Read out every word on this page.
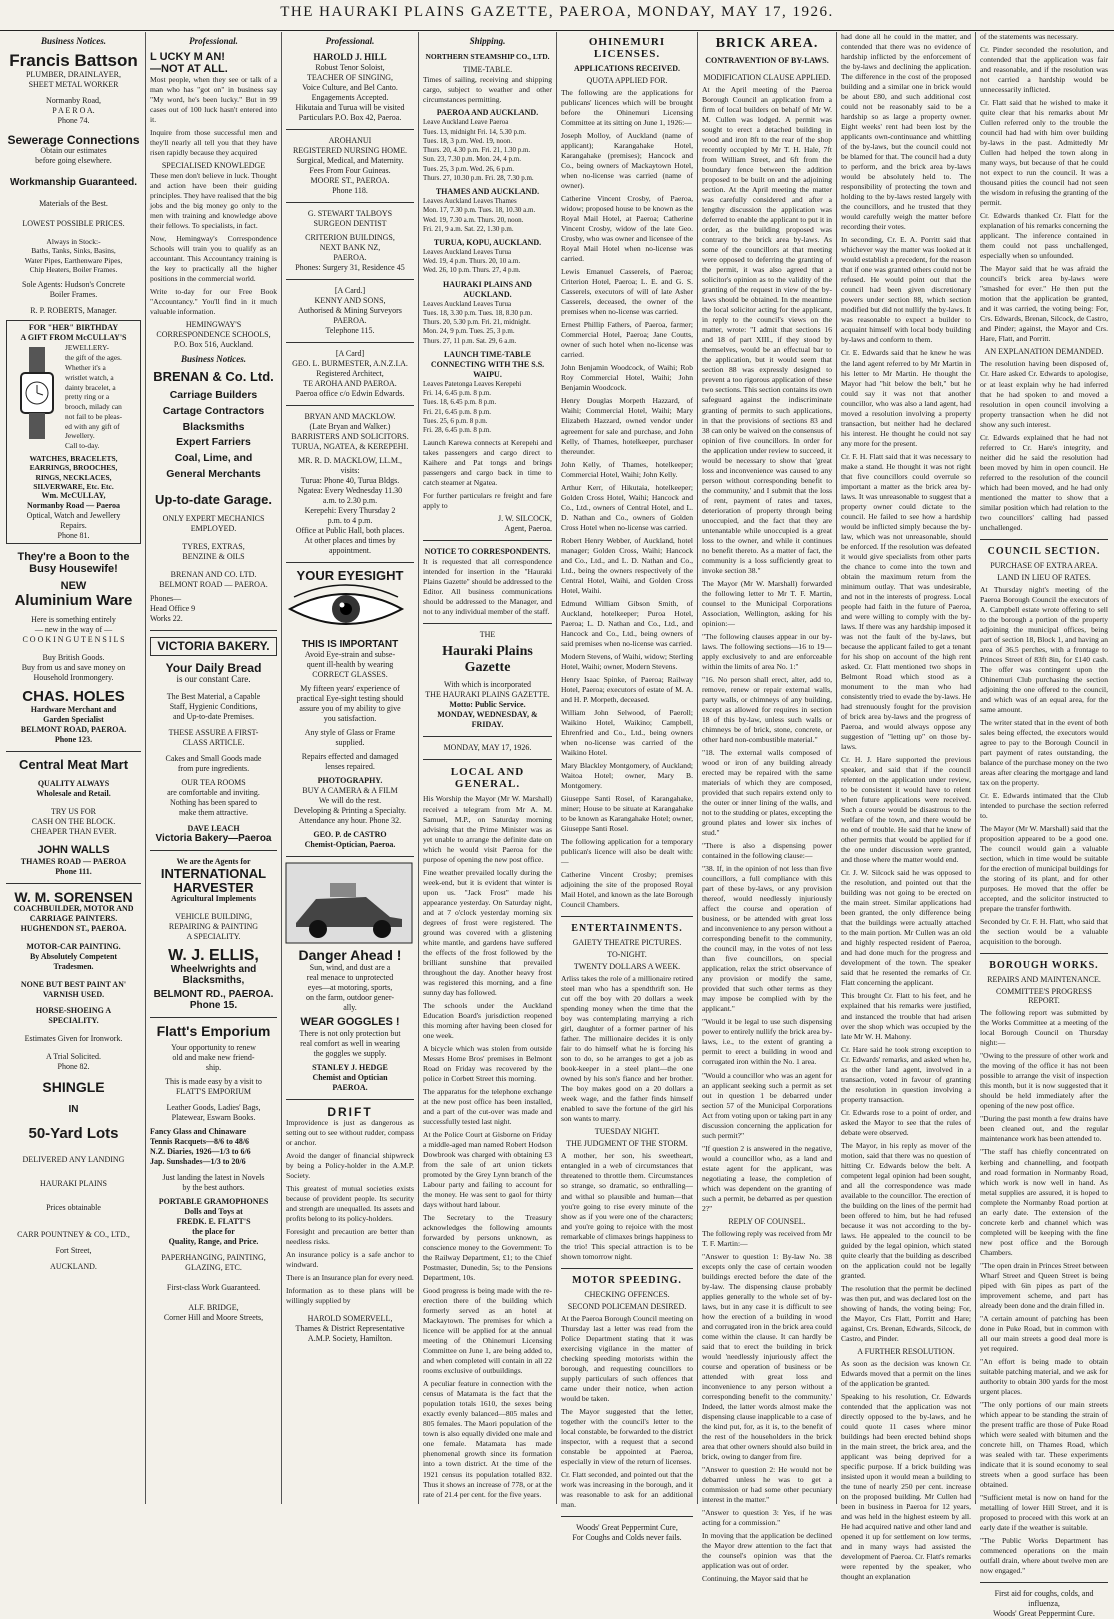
THE HAURAKI PLAINS GAZETTE, PAEROA, MONDAY, MAY 17, 1926.
Business Notices.
Francis Battson
PLUMBER, DRAINLAYER,
SHEET METAL WORKER
Normanby Road,
P A E R O A.
Phone 74.
Sewerage Connections
Obtain our estimates
before going elsewhere.
Workmanship Guaranteed.
Materials of the Best.
LOWEST POSSIBLE PRICES.
Always in Stock:-
Baths, Tanks, Sinks, Basins,
Water Pipes, Earthenware Pipes,
Chip Heaters, Boiler Frames.
Sole Agents: Hudson's Concrete
Boiler Frames.
R. P. ROBERTS, Manager.
FOR "HER" BIRTHDAY
A GIFT FROM McCULLAY'S
JEWELLERY-
the gift of the ages.
Whether it's a
wristlet watch, a
dainty bracelet, a
pretty ring or a
brooch, milady can
not fail to be pleas-
ed with any gift of
Jewellery.
Call to-day.
WATCHES, BRACELETS,
EARRINGS, BROOCHES,
RINGS, NECKLACES,
SILVERWARE, Etc. Etc.
Wm. McCULLAY,
Normanby Road — Paeroa
Optical, Watch and Jewellery
Repairs.
Phone 81.
They're a Boon to the
Busy Housewife!
NEW
Aluminium Ware
Here is something entirely
— new in the way of —
C O O K I N G U T E N S I L S
Buy British Goods.
Buy from us and save money on
Household Ironmongery.
CHAS. HOLES
Hardware Merchant and
Garden Specialist
BELMONT ROAD, PAEROA.
Phone 123.
Central Meat Mart
QUALITY ALWAYS
Wholesale and Retail.
TRY US FOR
CASH ON THE BLOCK.
CHEAPER THAN EVER.
JOHN WALLS
THAMES ROAD — PAEROA
Phone 111.
W. M. SORENSEN
COACHBUILDER, MOTOR AND
CARRIAGE PAINTERS.
HUGHENDON ST., PAEROA.
MOTOR-CAR PAINTING.
By Absolutely Competent
Tradesmen.
NONE BUT BEST PAINT AN'
VARNISH USED.
HORSE-SHOEING A
SPECIALITY.
Estimates Given for Ironwork.
A Trial Solicited.
Phone 82.
SHINGLE
IN
50-Yard Lots
DELIVERED ANY LANDING
HAURAKI PLAINS
Prices obtainable
CARR POUNTNEY & CO., LTD.,
Fort Street,
AUCKLAND.
Professional.
L UCKY M AN!
—NOT AT ALL.

Most people, when they see or talk of a man who has "got on" in business say "My word, he's been lucky." But in 99 cases out of 100 luck hasn't entered into it.

Inquire from those successful men and they'll nearly all tell you that they have risen rapidly because they acquired

SPECIALISED KNOWLEDGE

These men don't believe in luck. Thought and action have been their guiding principles. They have realised that the big jobs and the big money go only to the men with training and knowledge above their fellows. To specialists, in fact.

Now, Hemingway's Correspondence Schools will train you to qualify as an accountant. This Accountancy training is the key to practically all the higher positions in the commercial world.

Write to-day for our Free Book "Accountancy." You'll find in it much valuable information.

HEMINGWAY'S
CORRESPONDENCE SCHOOLS,
P.O. Box 516, Auckland.
Business Notices.
BRENAN & Co. Ltd.
Carriage Builders
Cartage Contractors
Blacksmiths
Expert Farriers
Coal, Lime, and
General Merchants
Up-to-date Garage.
ONLY EXPERT MECHANICS
EMPLOYED.
TYRES, EXTRAS,
BENZINE & OILS
BRENAN AND CO. LTD.
BELMONT ROAD — PAEROA.
Phones—
Head Office 9
Works 22.
VICTORIA BAKERY.
Your Daily Bread
is our constant Care.
The Best Material, a Capable
Staff, Hygienic Conditions,
and Up-to-date Premises.
THESE ASSURE A FIRST-
CLASS ARTICLE.
Cakes and Small Goods made
from pure ingredients.
OUR TEA ROOMS
are comfortable and inviting.
Nothing has been spared to
make them attractive.
DAVE LEACH
Victoria Bakery—Paeroa
We are the Agents for
INTERNATIONAL
HARVESTER
Agricultural Implements
VEHICLE BUILDING,
REPAIRING & PAINTING
A SPECIALITY.
W. J. ELLIS,
Wheelwrights and
Blacksmiths,
BELMONT RD., PAEROA.
Phone 15.
Flatt's Emporium
Your opportunity to renew
old and make new friend-
ship.
This is made easy by a visit to
FLATT'S EMPORIUM
Leather Goods, Ladies' Bags,
Platewear, Eswarn Books.
Fancy Glass and Chinaware
Tennis Racquets—8/6 to 48/6
N.Z. Diaries, 1926—1/3 to 6/6
Jap. Sunshades—1/3 to 20/6
Just landing the latest in Novels
by the best authors.
PORTABLE GRAMOPHONES
Dolls and Toys at
FREDK. E. FLATT'S
the place for
Quality, Range, and Price.
PAPERHANGING, PAINTING,
GLAZING, ETC.
First-class Work Guaranteed.
ALF. BRIDGE,
Corner Hill and Moore Streets,
Professional.
HAROLD J. HILL
Robust Tenor Soloist,
TEACHER OF SINGING,
Voice Culture, and Bel Canto.
Engagements Accepted.
Hikutaia and Turua will be visited
Particulars P.O. Box 42, Paeroa.
AROHANUI
REGISTERED NURSING HOME.
Surgical, Medical, and Maternity.
Fees From Four Guineas.
MOORE ST., PAEROA.
Phone 118.
G. STEWART TALBOYS
SURGEON DENTIST
CRITERION BUILDINGS,
NEXT BANK NZ,
PAEROA.
Phones: Surgery 31, Residence 45
[A Card.]
KENNY AND SONS,
Authorised & Mining Surveyors
PAEROA.
Telephone 115.
[A Card]
GEO. L. BURMESTER, A.N.Z.I.A.
Registered Architect,
TE AROHA AND PAEROA.
Paeroa office c/o Edwin Edwards.
BRYAN AND MACKLOW.
(Late Bryan and Walker.)
BARRISTERS AND SOLICITORS.
TURUA, NGATEA, & KEREPEHI.
MR. R. D. MACKLOW, LL.M.,
visits:
Turua: Phone 40, Turua Bldgs.
Ngatea: Every Wednesday 11.30
a.m. to 2.30 p.m.
Kerepehi: Every Thursday 2
p.m. to 4 p.m.
Office at Public Hall, both places.
At other places and times by
appointment.
YOUR EYESIGHT
THIS IS IMPORTANT
Avoid Eye-strain and subse-
quent ill-health by wearing
CORRECT GLASSES.
My fifteen years' experience of
practical Eye-sight testing should
assure you of my ability to give
you satisfaction.
Any style of Glass or Frame
supplied.
Repairs effected and damaged
lenses repaired.
PHOTOGRAPHY.
BUY A CAMERA & A FILM
We will do the rest.
Developing & Printing a Specialty.
Attendance any hour. Phone 32.
GEO. P. de CASTRO
Chemist-Optician, Paeroa.
Danger Ahead !
Sun, wind, and dust are a
real menace to unprotected
eyes—at motoring, sports,
on the farm, outdoor gener-
ally.
WEAR GOGGLES !
There is not only protection but
real comfort as well in wearing
the goggles we supply.
STANLEY J. HEDGE
Chemist and Optician
PAEROA.
DRIFT

Improvidence is just as dangerous as setting out to see without rudder, compass or anchor.

Avoid the danger of financial shipwreck by being a Policy-holder in the A.M.P. Society.

This greatest of mutual societies exists because of provident people. Its security and strength are unequalled. Its assets and profits belong to its policy-holders.

Foresight and precaution are better than needless risks.

An insurance policy is a safe anchor to windward.

There is an Insurance plan for every need.

Information as to these plans will be willingly supplied by

HAROLD SOMERVELL,
Thames & District Representative
A.M.P. Society, Hamilton.
Shipping.
NORTHERN STEAMSHIP CO., LTD.
TIME-TABLE.

Times of sailing, receiving and shipping cargo, subject to weather and other circumstances permitting.

PAEROA AND AUCKLAND.
Leave Auckland Leave Paeroa
Tues. 13, midnight Fri. 14, 5.30 p.m.
Tues. 18, 3 p.m. Wed. 19, noon.
Thurs. 20, 4.30 p.m. Fri. 21, 1.30 p.m.
Sun. 23, 7.30 p.m. Mon. 24, 4 p.m.
Tues. 25, 3 p.m. Wed. 26, 6 p.m.
Thurs. 27, 10.30 p.m. Fri. 28, 7.30 p.m.
THAMES AND AUCKLAND.
Leaves Auckland Leaves Thames
Mon. 17, 7.30 p.m. Tues. 18, 10.30 a.m.
Wed. 19, 7.30 a.m. Thurs. 20, noon.
Fri. 21, 9 a.m. Sat. 22, 1.30 p.m.
TURUA, KOPU, AUCKLAND.
Leaves Auckland Leaves Turua
Wed. 19, 4 p.m. Thurs. 20, 10 a.m.
Wed. 26, 10 p.m. Thurs. 27, 4 p.m.
HAURAKI PLAINS AND AUCKLAND.
Leaves Auckland Leaves Turua
Tues. 18, 3.30 p.m. Tues. 18, 8.30 p.m.
Thurs. 20, 5.30 p.m. Fri. 21, midnight.
Mon. 24, 9 p.m. Tues. 25, 3 p.m.
Thurs. 27, 11 p.m. Sat. 29, 6 a.m.
LAUNCH TIME-TABLE CONNECTING WITH THE S.S. WAIPU.
Leaves Patetonga Leaves Kerepehi
Fri. 14, 6.45 p.m. 8 p.m.
Tues. 18, 6.45 p.m. 8 p.m.
Fri. 21, 6.45 p.m. 8 p.m.
Tues. 25, 6 p.m. 8 p.m.
Fri. 28, 6.45 p.m. 8 p.m.

Launch Karewa connects at Kerepehi and takes passengers and cargo direct to Kaihere and Pat tongs and brings passengers and cargo back in time to catch steamer at Ngatea.

For further particulars re freight and fare apply to

J. W. SILCOCK,
Agent, Paeroa.
NOTICE TO CORRESPONDENTS.

It is requested that all correspondence intended for insertion in the "Hauraki Plains Gazette" should be addressed to the Editor. All business communications should be addressed to the Manager, and not to any individual member of the staff.

THE
Hauraki Plains Gazette
With which is incorporated
THE HAURAKI PLAINS GAZETTE.
Motto: Public Service.
MONDAY, WEDNESDAY, & FRIDAY.
MONDAY, MAY 17, 1926.
LOCAL AND GENERAL.

His Worship the Mayor (Mr W. Marshall) received a telegram from Mr A. M. Samuel, M.P., on Saturday morning advising that the Prime Minister was as yet unable to arrange the definite date on which he would visit Paeroa for the purpose of opening the new post office.

Fine weather prevailed locally during the week-end, but it is evident that winter is upon us. "Jack Frost" made his appearance yesterday. On Saturday night, and at 7 o'clock yesterday morning six degrees of frost were registered. The ground was covered with a glistening white mantle, and gardens have suffered the effects of the frost followed by the brilliant sunshine that prevailed throughout the day. Another heavy frost was registered this morning, and a fine sunny day has followed.

The schools under the Auckland Education Board's jurisdiction reopened this morning after having been closed for one week.

A bicycle which was stolen from outside Messrs Home Bros' premises in Belmont Road on Friday was recovered by the police in Corbett Street this morning.

The apparatus for the telephone exchange at the new post office has been installed, and a part of the cut-over was made and successfully tested last night.

At the Police Court at Gisborne on Friday a middle-aged man named Robert Hodson Dowbrook was charged with obtaining £3 from the sale of art union tickets promoted by the Grey Lynn branch of the Labour party and failing to account for the money. He was sent to gaol for thirty days without hard labour.

The Secretary to the Treasury acknowledges the following amounts forwarded by persons unknown, as conscience money to the Government: To the Railway Department, £1; to the Chief Postmaster, Dunedin, 5s; to the Pensions Department, 10s.

Good progress is being made with the re-erection there of the building which formerly served as an hotel at Mackaytown. The premises for which a licence will be applied for at the annual meeting of the Ohinemuri Licensing Committee on June 1, are being added to, and when completed will contain in all 22 rooms exclusive of outbuildings.

A peculiar feature in connection with the census of Matamata is the fact that the population totals 1610, the sexes being exactly evenly balanced—805 males and 805 females. The Maori population of the town is also equally divided one male and one female. Matamata has made phenomenal growth since its formation into a town district. At the time of the 1921 census its population totalled 832. Thus it shows an increase of 778, or at the rate of 21.4 per cent. for the five years.

OHINEMURI LICENSES.
APPLICATIONS RECEIVED.
QUOTA APPLIED FOR.

The following are the applications for publicans' licences which will be brought before the Ohinemuri Licensing Committee at its sitting on June 1, 1926:—

Joseph Molloy, of Auckland (name of applicant); Karangahake Hotel, Karangahake (premises); Hancock and Co., being owners of Mackaytown Hotel, when no-license was carried (name of owner).

Catherine Vincent Crosby, of Paeroa, widow; proposed house to be known as the Royal Mail Hotel, at Paeroa; Catherine Vincent Crosby, widow of the late Geo. Crosby, who was owner and licensee of the Royal Mail Hotel when no-license was carried.

Lewis Emanuel Casserels, of Paeroa; Criterion Hotel, Paeroa; L. E. and G. S. Casserels, executors of will of late Asher Casserels, deceased, the owner of the premises when no-license was carried.

Ernest Phillip Fathers, of Paeroa, farmer; Commercial Hotel, Paeroa; Jane Coutts, owner of such hotel when no-license was carried.

John Benjamin Woodcock, of Waihi; Rob Roy Commercial Hotel, Waihi; John Benjamin Woodcock.

Henry Douglas Morpeth Hazzard, of Waihi; Commercial Hotel, Waihi; Mary Elizabeth Hazzard, owned vendor under agreement for sale and purchase, and John Kelly, of Thames, hotelkeeper, purchaser thereunder.

John Kelly, of Thames, hotelkeeper; Commercial Hotel, Waihi; John Kelly.

Arthur Kerr, of Hikutaia, hotelkeeper; Golden Cross Hotel, Waihi; Hancock and Co., Ltd., owners of Central Hotel, and L. D. Nathan and Co., owners of Golden Cross Hotel when no-license was carried.

Robert Henry Webber, of Auckland, hotel manager; Golden Cross, Waihi; Hancock and Co., Ltd., and L. D. Nathan and Co., Ltd., being the owners respectively of the Central Hotel, Waihi, and Golden Cross Hotel, Waihi.

Edmund William Gibson Smith, of Auckland, hotelkeeper; Puroa Hotel, Paeroa; L. D. Nathan and Co., Ltd., and Hancock and Co., Ltd., being owners of said premises when no-license was carried.

Modern Stevens, of Waihi, widow; Sterling Hotel, Waihi; owner, Modern Stevens.

Henry Isaac Spinke, of Paeroa; Railway Hotel, Paeroa; executors of estate of M. A. and H. P. Morpeth, deceased.

William John Selwood, of Paeroll; Waikino Hotel, Waikino; Campbell, Ehrenfried and Co., Ltd., being owners when no-license was carried of the Waikino Hotel.

Mary Blackley Montgomery, of Auckland; Waitoa Hotel; owner, Mary B. Montgomery.

Giuseppe Santi Rosel, of Karangahake, miner; House to be situate at Karangahake to be known as Karangahake Hotel; owner, Giuseppe Santi Rosel.

The following application for a temporary publican's licence will also be dealt with:—

Catherine Vincent Crosby; premises adjoining the site of the proposed Royal Mail Hotel, and known as the late Borough Council Chambers.

ENTERTAINMENTS.
GAIETY THEATRE PICTURES.
TO-NIGHT.
TWENTY DOLLARS A WEEK.

Arliss takes the role of a millionaire retired steel man who has a spendthrift son. He cut off the boy with 20 dollars a week spending money when the time that the boy was contemplating marrying a rich girl, daughter of a former partner of his father. The millionaire decides it is only fair to do himself what he is forcing his son to do, so he arranges to get a job as book-keeper in a steel plant—the one owned by his son's fiance and her brother. The boy makes good on a 20 dollars a week wage, and the father finds himself enabled to save the fortune of the girl his son wants to marry.

TUESDAY NIGHT.
THE JUDGMENT OF THE STORM.

A mother, her son, his sweetheart, entangled in a web of circumstances that threatened to throttle them. Circumstances so strange, so dramatic, so enthralling—and withal so plausible and human—that you're going to rise every minute of the show as if you were one of the characters; and you're going to rejoice with the most remarkable of climaxes brings happiness to the trio! This special attraction is to be shown tomorrow night.

MOTOR SPEEDING.
CHECKING OFFENCES.
SECOND POLICEMAN DESIRED.

At the Paeroa Borough Council meeting on Thursday last a letter was read from the Police Department stating that it was exercising vigilance in the matter of checking speeding motorists within the borough, and requesting councillors to supply particulars of such offences that came under their notice, when action would be taken.

The Mayor suggested that the letter, together with the council's letter to the local constable, be forwarded to the district inspector, with a request that a second constable be appointed at Paeroa, especially in view of the return of licenses.

Cr. Flatt seconded, and pointed out that the work was increasing in the borough, and it was reasonable to ask for an additional man.

Woods' Great Peppermint Cure,
For Coughs and Colds never fails.
BRICK AREA.
CONTRAVENTION OF BY-LAWS.
MODIFICATION CLAUSE APPLIED.

At the April meeting of the Paeroa Borough Council an application from a firm of local builders on behalf of Mr W. M. Cullen was lodged. A permit was sought to erect a detached building in wood and iron 8ft to the rear of the shop recently occupied by Mr T. H. Hale, 7ft from William Street, and 6ft from the boundary fence between the addition proposed to be built on and the adjoining section. At the April meeting the matter was carefully considered and after a lengthy discussion the application was deferred to enable the applicant to put it in order, as the building proposed was contrary to the brick area by-laws. As some of the councillors at that meeting were opposed to deferring the granting of the permit, it was also agreed that a solicitor's opinion as to the validity of the granting of the request in view of the by-laws should be obtained. In the meantime the local solicitor acting for the applicant, in reply to the council's views on the matter, wrote: "I admit that sections 16 and 18 of part XIII., if they stood by themselves, would be an effectual bar to the application, but it would seem that section 88 was expressly designed to prevent a too rigorous application of these two sections. This section contains its own safeguard against the indiscriminate granting of permits to such applications, in that the provisions of sections 83 and 38 can only be waived on the consensus of opinion of five councillors. In order for the application under review to succeed, it would be necessary to show that 'great loss and inconvenience was caused to any person without corresponding benefit to the community,' and I submit that the loss of rent, payment of rates and taxes, deterioration of property through being unoccupied, and the fact that they are untenantable while unoccupied is a great loss to the owner, and while it continues no benefit thereto. As a matter of fact, the community is a loss sufficiently great to invoke section 38."

The Mayor (Mr W. Marshall) forwarded the following letter to Mr T. F. Martin, counsel to the Municipal Corporations Association, Wellington, asking for his opinion:—

"The following clauses appear in our by-laws. The following sections—16 to 19—apply exclusively to and are enforceable within the limits of area No. 1:"

"16. No person shall erect, alter, add to, remove, renew or repair external walls, party walls, or chimneys of any building, except as allowed for requires in section 18 of this by-law, unless such walls or chimneys be of brick, stone, concrete, or other hard non-combustible material."

"18. The external walls composed of wood or iron of any building already erected may be repaired with the same materials of which they are composed, provided that such repairs extend only to the outer or inner lining of the walls, and not to the studding or plates, excepting the ground plates and lower six inches of stud."

"There is also a dispensing power contained in the following clause:—

"38. If, in the opinion of not less than five councillors, a full compliance with this part of these by-laws, or any provision thereof, would needlessly injuriously affect the course and operation of business, or be attended with great loss and inconvenience to any person without a corresponding benefit to the community, the council may, in the votes of not less than five councillors, on special application, relax the strict observance of any provision or modify the same, provided that such other terms as they may impose be complied with by the applicant."

"Would it be legal to use such dispensing power to entirely nullify the brick area by-laws, i.e., to the extent of granting a permit to erect a building in wood and corrugated iron within the No. 1 area.

"Would a councillor who was an agent for an applicant seeking such a permit as set out in question 1 be debarred under section 57 of the Municipal Corporations Act from voting upon or taking part in any discussion concerning the application for such permit?"

"If question 2 is answered in the negative, would a councillor who, as a land and estate agent for the applicant, was negotiating a lease, the completion of which was dependent on the granting of such a permit, be debarred as per question 2?"

REPLY OF COUNSEL.

The following reply was received from Mr T. F. Martin:—

"Answer to question 1: By-law No. 38 excepts only the case of certain wooden buildings erected before the date of the by-law. The dispensing clause probably applies generally to the whole set of by-laws, but in any case it is difficult to see how the erection of a building in wood and corrugated iron in the brick area could come within the clause. It can hardly be said that to erect the building in brick would 'needlessly injuriously affect the course and operation of business or be attended with great loss and inconvenience to any person without a corresponding benefit to the community.' Indeed, the latter words almost make the dispensing clause inapplicable to a case of the kind put, for, as it is, to the benefit of the rest of the householders in the brick area that other owners should also build in brick, owing to danger from fire.

"Answer to question 2: He would not be debarred unless he was to get a commission or had some other pecuniary interest in the matter."

"Answer to question 3: Yes, if he was acting for a commission."

In moving that the application be declined the Mayor drew attention to the fact that the counsel's opinion was that the application was out of order.

Continuing, the Mayor said that he

had done all he could in the matter, and contended that there was no evidence of hardship inflicted by the enforcement of the by-laws and declining the application. The difference in the cost of the proposed building and a similar one in brick would be about £80, and such additional cost could not be reasonably said to be a hardship so as large a property owner. Eight weeks' rent had been lost by the applicants own-continuance and whittling of the by-laws, but the council could not be blamed for that. The council had a duty to perform, and the brick area by-laws would be absolutely held to. The responsibility of protecting the town and holding to the by-laws rested largely with the councillors, and he trusted that they would carefully weigh the matter before recording their votes.

In seconding, Cr. E. A. Porritt said that whichever way the matter was looked at it would establish a precedent, for the reason that if one was granted others could not be refused. He would point out that the council had been given discretionary powers under section 88, which section modified but did not nullify the by-laws. It was reasonable to expect a builder to acquaint himself with local body building by-laws and conform to them.

Cr. E. Edwards said that he knew he was the land agent referred to by Mr Martin in his letter to Mr Martin. He thought the Mayor had "hit below the belt," but he could say it was not that another councillor, who was also a land agent, had moved a resolution involving a property transaction, but neither had he declared his interest. He thought he could not say any more for the present.

Cr. F. H. Flatt said that it was necessary to make a stand. He thought it was not right that five councillors could overrule so important a matter as the brick area by-laws. It was unreasonable to suggest that a property owner could dictate to the council. He failed to see how a hardship would be inflicted simply because the by-law, which was not unreasonable, should be enforced. If the resolution was defeated it would give specialists from other parts the chance to come into the town and obtain the maximum return from the minimum outlay. That was undesirable, and not in the interests of progress. Local people had faith in the future of Paeroa, and were willing to comply with the by-laws. If there was any hardship imposed it was not the fault of the by-laws, but because the applicant failed to get a tenant for his shop on account of the high rent asked. Cr. Flatt mentioned two shops in Belmont Road which stood as a monument to the man who had consistently tried to evade the by-laws. He had strenuously fought for the provision of brick area by-laws and the progress of Paeroa, and would always oppose any suggestion of "letting up" on those by-laws.

Cr. H. J. Hare supported the previous speaker, and said that if the council relented on the application under review, to be consistent it would have to relent when future applications were received. Such a course would be disastrous to the welfare of the town, and there would be no end of trouble. He said that he knew of other permits that would be applied for if the one under discussion were granted, and those where the matter would end.

Cr. J. W. Silcock said he was opposed to the resolution, and pointed out that the building was not going to be erected on the main street. Similar applications had been granted, the only difference being that the buildings were actually attached to the main portion. Mr Cullen was an old and highly respected resident of Paeroa, and had done much for the progress and development of the town. The speaker said that he resented the remarks of Cr. Flatt concerning the applicant.

This brought Cr. Flatt to his feet, and he explained that his remarks were justified, and instanced the trouble that had arisen over the shop which was occupied by the late Mr W. H. Mahony.

Cr. Hare said he took strong exception to Cr. Edwards' remarks, and asked when he, as the other land agent, involved in a transaction, voted in favour of granting the resolution in question involving a property transaction.

Cr. Edwards rose to a point of order, and asked the Mayor to see that the rules of debate were observed.

The Mayor, in his reply as mover of the motion, said that there was no question of hitting Cr. Edwards below the belt. A competent legal opinion had been sought, and all the correspondence was made available to the councillor. The erection of the building on the lines of the permit had been offered to him, but he had refused because it was not according to the by-laws. He appealed to the council to be guided by the legal opinion, which stated quite clearly that the building as described on the application could not be legally granted.

The resolution that the permit be declined was then put, and was declared lost on the showing of hands, the voting being: For, the Mayor, Crs Flatt, Porritt and Hare; against, Crs. Brenan, Edwards, Silcock, de Castro, and Pinder.

A FURTHER RESOLUTION.

As soon as the decision was known Cr. Edwards moved that a permit on the lines of the application be granted.

Speaking to his resolution, Cr. Edwards contended that the application was not directly opposed to the by-laws, and he could quote 11 cases where minor buildings had been erected behind shops in the main street, the brick area, and the applicant was being deprived for a specific purpose. If a brick building was insisted upon it would mean a building to the tune of nearly 250 per cent. increase on the proposed building. Mr Cullen had been in business in Paeroa for 12 years, and was held in the highest esteem by all. He had acquired native and other land and opened it up for settlement on low terms, and in many ways had assisted the development of Paeroa. Cr. Flatt's remarks were repented by the speaker, who thought an explanation

of the statements was necessary.

Cr. Pinder seconded the resolution, and contended that the application was fair and reasonable, and if the resolution was not carried a hardship would be unnecessarily inflicted.

Cr. Flatt said that he wished to make it quite clear that his remarks about Mr Cullen referred only to the trouble the council had had with him over building by-laws in the past. Admittedly Mr Cullen had helped the town along in many ways, but because of that he could not expect to run the council. It was a thousand pities the council had not seen the wisdom in refusing the granting of the permit.

Cr. Edwards thanked Cr. Flatt for the explanation of his remarks concerning the applicant. The inference contained in them could not pass unchallenged, especially when so unfounded.

The Mayor said that he was afraid the council's brick area by-laws were "smashed for ever." He then put the motion that the application be granted, and it was carried, the voting being: For, Crs. Edwards, Brenan, Silcock, de Castro, and Pinder; against, the Mayor and Crs. Hare, Flatt, and Porritt.

AN EXPLANATION DEMANDED.

The resolution having been disposed of, Cr. Hare asked Cr. Edwards to apologise, or at least explain why he had inferred that he had spoken to and moved a resolution in open council involving a property transaction when he did not show any such interest.

Cr. Edwards explained that he had not referred to Cr. Hare's integrity, and neither did he said the resolution had been moved by him in open council. He referred to the resolution of the council which had been moved, and he had only mentioned the matter to show that a similar position which had relation to the two councillors' calling had passed unchallenged.

COUNCIL SECTION.
PURCHASE OF EXTRA AREA.
LAND IN LIEU OF RATES.

At Thursday night's meeting of the Paeroa Borough Council the executors of A. Campbell estate wrote offering to sell to the borough a portion of the property adjoining the municipal offices, being part of section 18, Block 1, and having an area of 36.5 perches, with a frontage to Princes Street of 83ft 8in, for £140 cash. The offer was contingent upon the Ohinemuri Club purchasing the section adjoining the one offered to the council, and which was of an equal area, for the same amount.

The writer stated that in the event of both sales being effected, the executors would agree to pay to the Borough Council in part payment of rates outstanding, the balance of the purchase money on the two areas after clearing the mortgage and land tax on the property.

Cr. E. Edwards intimated that the Club intended to purchase the section referred to.

The Mayor (Mr W. Marshall) said that the proposition appeared to be a good one. The council would gain a valuable section, which in time would be suitable for the erection of municipal buildings for the storing of its plant, and for other purposes. He moved that the offer be accepted, and the solicitor instructed to prepare the transfer forthwith.

Seconded by Cr. F. H. Flatt, who said that the section would be a valuable acquisition to the borough.

BOROUGH WORKS.
REPAIRS AND MAINTENANCE.
COMMITTEE'S PROGRESS REPORT.

The following report was submitted by the Works Committee at a meeting of the local Borough Council on Thursday night:—

"Owing to the pressure of other work and the moving of the office it has not been possible to arrange the visit of inspection this month, but it is now suggested that it should be held immediately after the opening of the new post office.

"During the past month a few drains have been cleaned out, and the regular maintenance work has been attended to.

"The staff has chiefly concentrated on kerbing and channelling, and footpath and road formation in Normanby Road, which work is now well in hand. As metal supplies are assured, it is hoped to complete the Normanby Road portion at an early date. The extension of the concrete kerb and channel which was completed will be keeping with the fine new post office and the Borough Chambers.

"The open drain in Princes Street between Wharf Street and Queen Street is being piped with 6in pipes as part of the improvement scheme, and part has already been done and the drain filled in.

"A certain amount of patching has been done in Puke Road, but in common with all our main streets a good deal more is yet required.

"An effort is being made to obtain suitable patching material, and we ask for authority to obtain 300 yards for the most urgent places.

"The only portions of our main streets which appear to be standing the strain of the present traffic are those of Puke Road which were sealed with bitumen and the concrete hill, on Thames Road, which was sealed with tar. These experiments indicate that it is sound economy to seal streets when a good surface has been obtained.

"Sufficient metal is now on hand for the metalling of lower Hill Street, and it is proposed to proceed with this work at an early date if the weather is suitable.

"The Public Works Department has commenced operations on the main outfall drain, where about twelve men are now engaged."

First aid for coughs, colds, and influenza,
Woods' Great Peppermint Cure.
